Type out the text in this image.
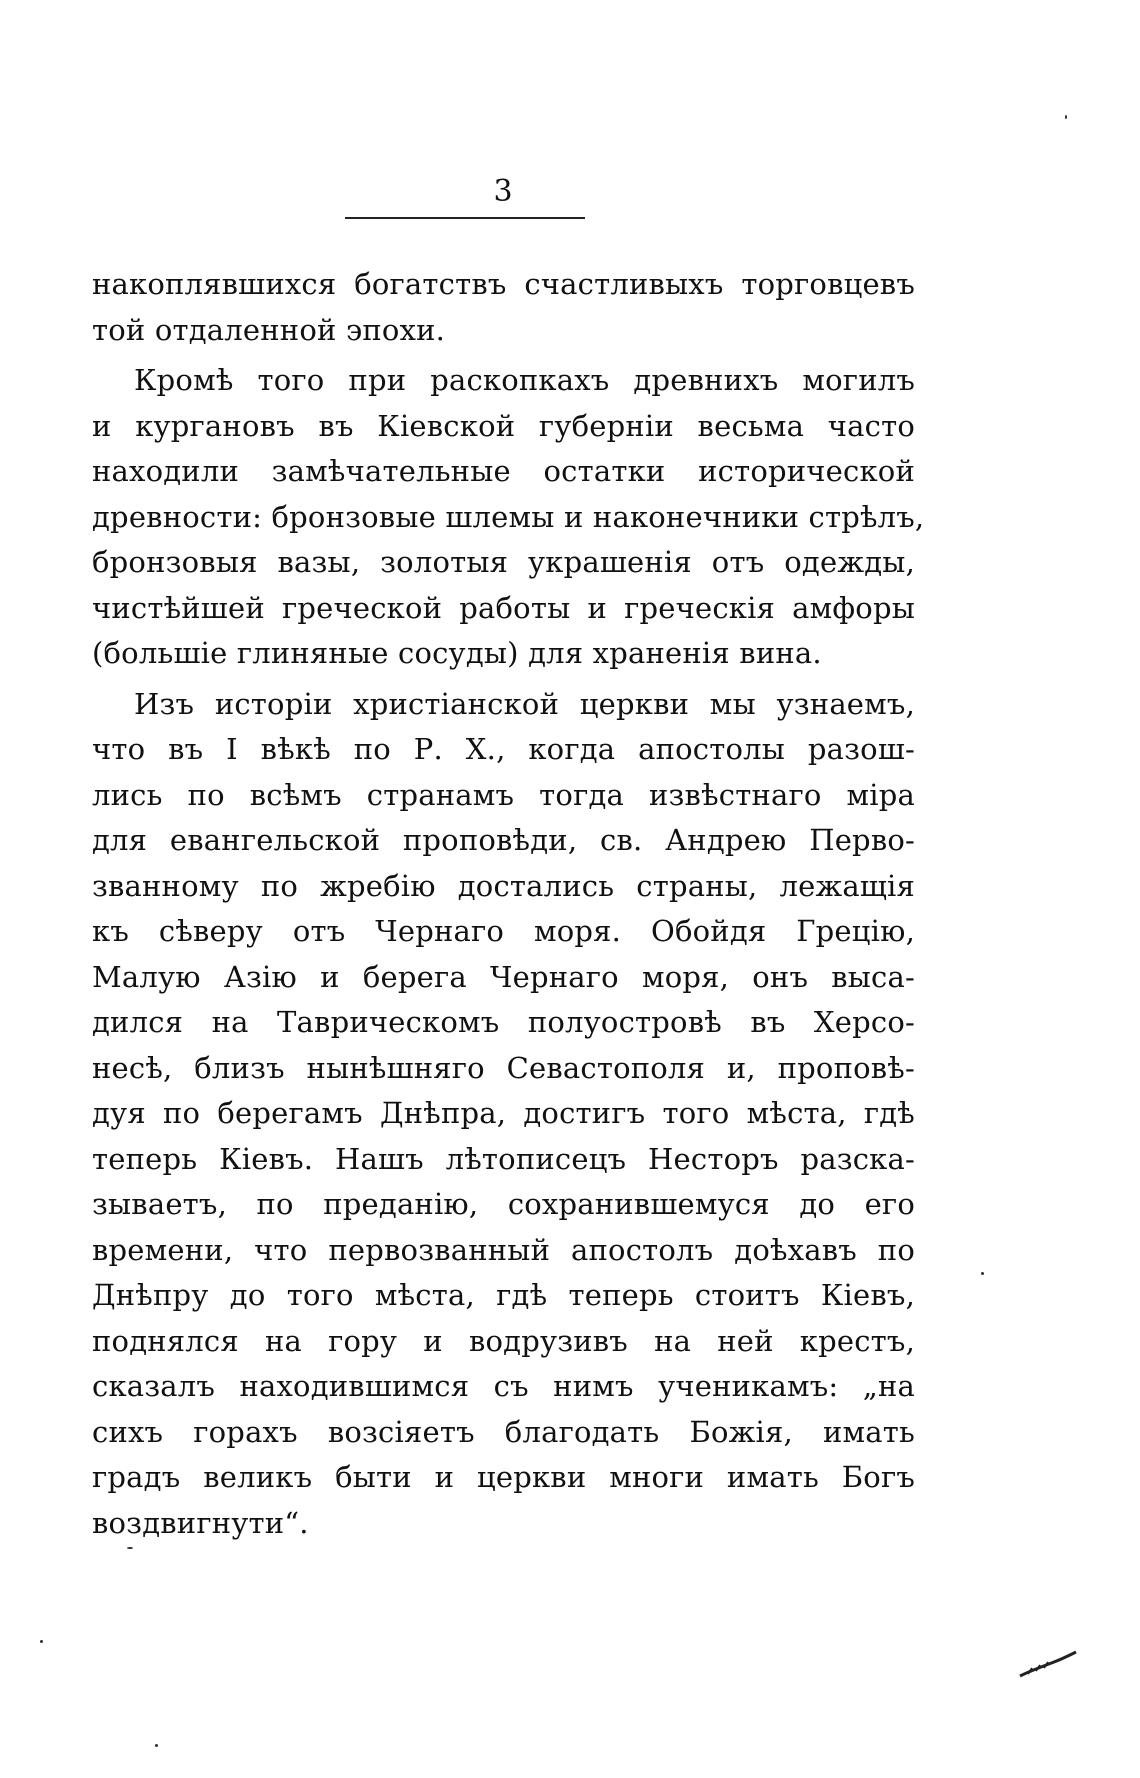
3
накоплявшихся богатствъ счастливыхъ торговцевъ
той отдаленной эпохи.
Кромѣ того при раскопкахъ древнихъ могилъ
и кургановъ въ Кіевской губерніи весьма часто
находили замѣчательные остатки исторической
древности: бронзовые шлемы и наконечники стрѣлъ,
бронзовыя вазы, золотыя украшенія отъ одежды,
чистѣйшей греческой работы и греческія амфоры
(большіе глиняные сосуды) для храненія вина.
Изъ исторіи христіанской церкви мы узнаемъ,
что въ I вѣкѣ по Р. Х., когда апостолы разош-
лись по всѣмъ странамъ тогда извѣстнаго міра
для евангельской проповѣди, св. Андрею Перво-
званному по жребію достались страны, лежащія
къ сѣверу отъ Чернаго моря. Обойдя Грецію,
Малую Азію и берега Чернаго моря, онъ выса-
дился на Таврическомъ полуостровѣ въ Херсо-
несѣ, близъ нынѣшняго Севастополя и, проповѣ-
дуя по берегамъ Днѣпра, достигъ того мѣста, гдѣ
теперь Кіевъ. Нашъ лѣтописецъ Несторъ разска-
зываетъ, по преданію, сохранившемуся до его
времени, что первозванный апостолъ доѣхавъ по
Днѣпру до того мѣста, гдѣ теперь стоитъ Кіевъ,
поднялся на гору и водрузивъ на ней крестъ,
сказалъ находившимся съ нимъ ученикамъ: „на
сихъ горахъ возсіяетъ благодать Божія, имать
градъ великъ быти и церкви многи имать Богъ
воздвигнути“.
